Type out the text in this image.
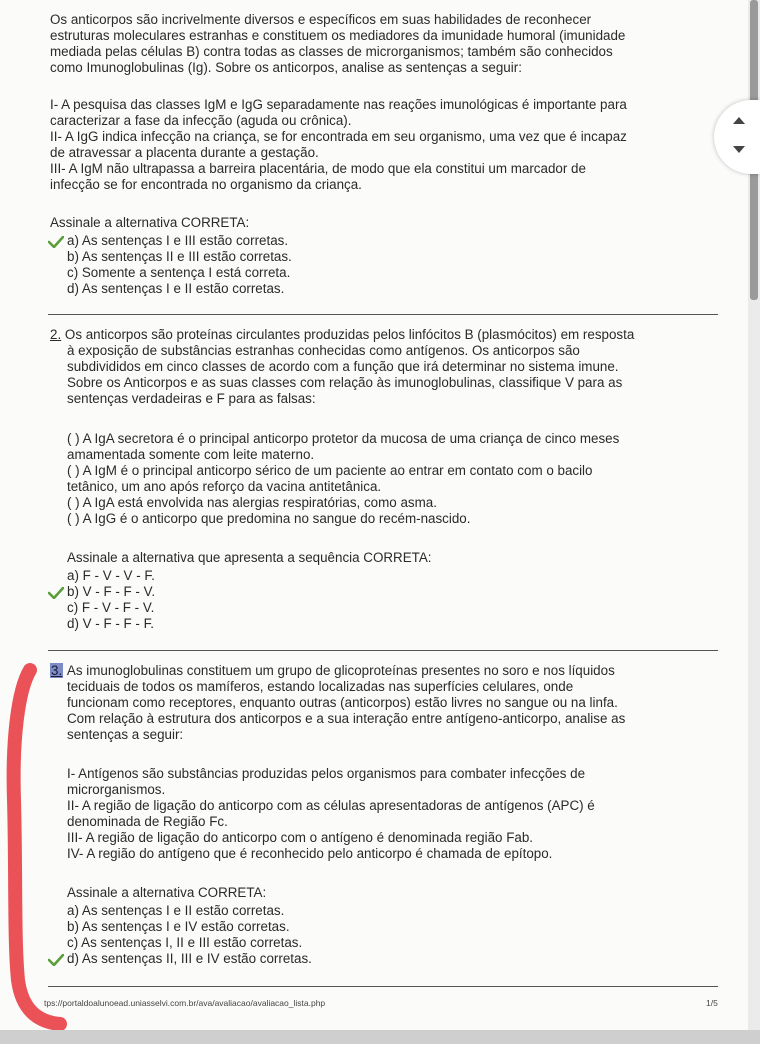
Os anticorpos são incrivelmente diversos e específicos em suas habilidades de reconhecer
estruturas moleculares estranhas e constituem os mediadores da imunidade humoral (imunidade
mediada pelas células B) contra todas as classes de microrganismos; também são conhecidos
como Imunoglobulinas (Ig). Sobre os anticorpos, analise as sentenças a seguir:
I- A pesquisa das classes IgM e IgG separadamente nas reações imunológicas é importante para
caracterizar a fase da infecção (aguda ou crônica).
II- A IgG indica infecção na criança, se for encontrada em seu organismo, uma vez que é incapaz
de atravessar a placenta durante a gestação.
III- A IgM não ultrapassa a barreira placentária, de modo que ela constitui um marcador de
infecção se for encontrada no organismo da criança.
Assinale a alternativa CORRETA:
a) As sentenças I e III estão corretas.
b) As sentenças II e III estão corretas.
c) Somente a sentença I está correta.
d) As sentenças I e II estão corretas.
2. Os anticorpos são proteínas circulantes produzidas pelos linfócitos B (plasmócitos) em resposta
à exposição de substâncias estranhas conhecidas como antígenos. Os anticorpos são
subdivididos em cinco classes de acordo com a função que irá determinar no sistema imune.
Sobre os Anticorpos e as suas classes com relação às imunoglobulinas, classifique V para as
sentenças verdadeiras e F para as falsas:
( ) A IgA secretora é o principal anticorpo protetor da mucosa de uma criança de cinco meses
amamentada somente com leite materno.
( ) A IgM é o principal anticorpo sérico de um paciente ao entrar em contato com o bacilo
tetânico, um ano após reforço da vacina antitetânica.
( ) A IgA está envolvida nas alergias respiratórias, como asma.
( ) A IgG é o anticorpo que predomina no sangue do recém-nascido.
Assinale a alternativa que apresenta a sequência CORRETA:
a) F - V - V - F.
b) V - F - F - V.
c) F - V - F - V.
d) V - F - F - F.
3. As imunoglobulinas constituem um grupo de glicoproteínas presentes no soro e nos líquidos
teciduais de todos os mamíferos, estando localizadas nas superfícies celulares, onde
funcionam como receptores, enquanto outras (anticorpos) estão livres no sangue ou na linfa.
Com relação à estrutura dos anticorpos e a sua interação entre antígeno-anticorpo, analise as
sentenças a seguir:
I- Antígenos são substâncias produzidas pelos organismos para combater infecções de
microrganismos.
II- A região de ligação do anticorpo com as células apresentadoras de antígenos (APC) é
denominada de Região Fc.
III- A região de ligação do anticorpo com o antígeno é denominada região Fab.
IV- A região do antígeno que é reconhecido pelo anticorpo é chamada de epítopo.
Assinale a alternativa CORRETA:
a) As sentenças I e II estão corretas.
b) As sentenças I e IV estão corretas.
c) As sentenças I, II e III estão corretas.
d) As sentenças II, III e IV estão corretas.
tps://portaldoalunoead.uniasselvi.com.br/ava/avaliacao/avaliacao_lista.php	1/5
